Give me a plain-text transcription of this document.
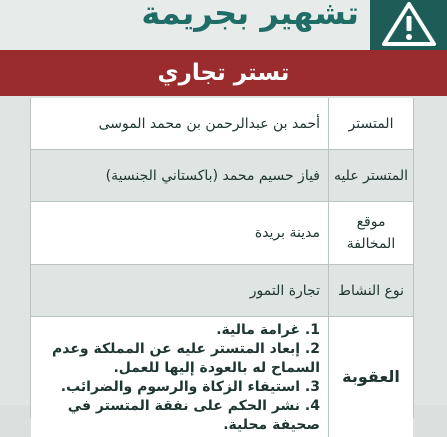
تشهير بجريمة
تستر تجاري
المتستر
أحمد بن عبدالرحمن بن محمد الموسى
المتستر عليه
فياز حسيم محمد (باكستاني الجنسية)
موقع المخالفة
مدينة بريدة
نوع النشاط
تجارة التمور
العقوبة
1. غرامة مالية.
2. إبعاد المتستر عليه عن المملكة وعدم السماح له بالعودة إليها للعمل.
3. استيفاء الزكاة والرسوم والضرائب.
4. نشر الحكم على نفقة المتستر في صحيفة محلية.
